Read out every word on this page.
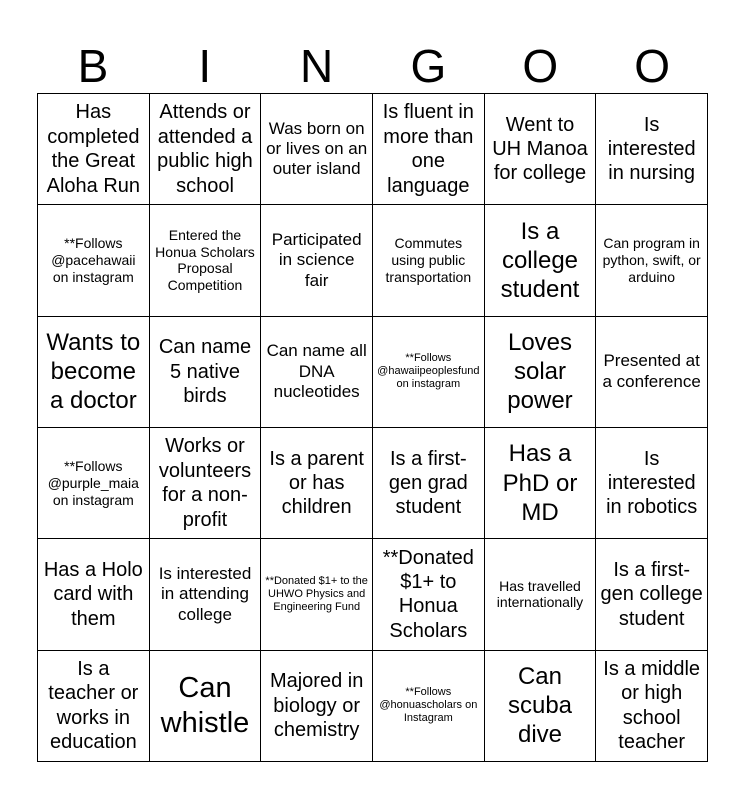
B	I	N	G	O	O
Has completed the Great Aloha Run
Attends or attended a public high school
Was born on or lives on an outer island
Is fluent in more than one language
Went to UH Manoa for college
Is interested in nursing
**Follows @pacehawaii on instagram
Entered the Honua Scholars Proposal Competition
Participated in science fair
Commutes using public transportation
Is a college student
Can program in python, swift, or arduino
Wants to become a doctor
Can name 5 native birds
Can name all DNA nucleotides
**Follows @hawaiipeoplesfund on instagram
Loves solar power
Presented at a conference
**Follows @purple_maia on instagram
Works or volunteers for a non-profit
Is a parent or has children
Is a first-gen grad student
Has a PhD or MD
Is interested in robotics
Has a Holo card with them
Is interested in attending college
**Donated $1+ to the UHWO Physics and Engineering Fund
**Donated $1+ to Honua Scholars
Has travelled internationally
Is a first-gen college student
Is a teacher or works in education
Can whistle
Majored in biology or chemistry
**Follows @honuascholars on Instagram
Can scuba dive
Is a middle or high school teacher
